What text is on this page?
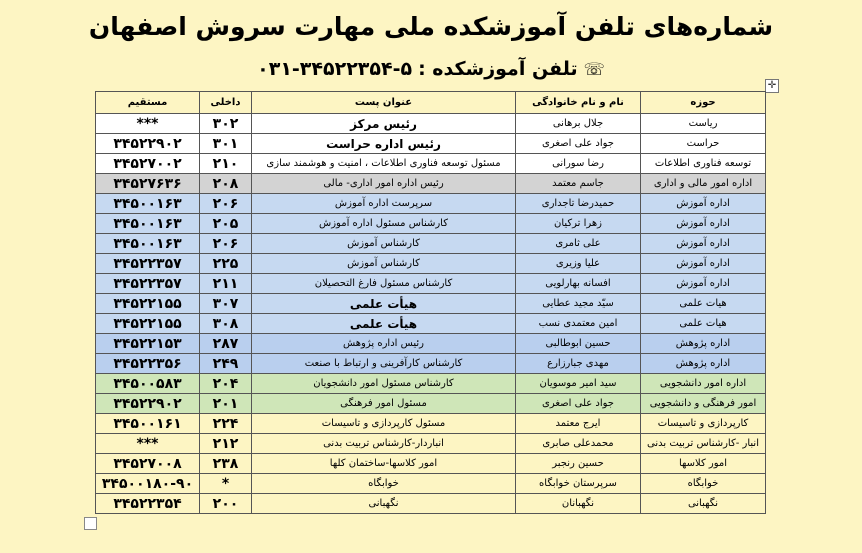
شماره‌های تلفن آموزشکده ملی مهارت سروش اصفهان
☏تلفن آموزشکده :۰۳۱-۳۴۵۲۲۳۵۴-۵
✛
حوزه	نام و نام خانوادگی	عنوان پست	داخلی	مستقیم
ریاست	جلال برهانی	رئیس مرکز	۳۰۲	***
حراست	جواد علی اصغری	رئیس اداره حراست	۳۰۱	۳۴۵۲۲۹۰۲
توسعه فناوری اطلاعات	رضا سورانی	مسئول توسعه فناوری اطلاعات ، امنیت و هوشمند سازی	۲۱۰	۳۴۵۲۷۰۰۲
اداره امور مالی و اداری	جاسم معتمد	رئیس اداره امور اداری- مالی	۲۰۸	۳۴۵۲۷۶۳۶
اداره آموزش	حمیدرضا تاجداری	سرپرست اداره آموزش	۲۰۶	۳۴۵۰۰۱۶۳
اداره آموزش	زهرا ترکیان	کارشناس مسئول اداره آموزش	۲۰۵	۳۴۵۰۰۱۶۳
اداره آموزش	علی ثامری	کارشناس آموزش	۲۰۶	۳۴۵۰۰۱۶۳
اداره آموزش	علیا وزیری	کارشناس آموزش	۲۲۵	۳۴۵۲۲۳۵۷
اداره آموزش	افسانه بهارلویی	کارشناس مسئول فارغ التحصیلان	۲۱۱	۳۴۵۲۲۳۵۷
هیات علمی	سیّد مجید عطایی	هیأت علمی	۳۰۷	۳۴۵۲۲۱۵۵
هیات علمی	امین معتمدی نسب	هیأت علمی	۳۰۸	۳۴۵۲۲۱۵۵
اداره پژوهش	حسین ابوطالبی	رئیس اداره پژوهش	۲۸۷	۳۴۵۲۲۱۵۳
اداره پژوهش	مهدی جبارزارع	کارشناس کارآفرینی و ارتباط با صنعت	۲۴۹	۳۴۵۲۲۳۵۶
اداره امور دانشجویی	سید امیر موسویان	کارشناس مسئول امور دانشجویان	۲۰۴	۳۴۵۰۰۵۸۳
امور فرهنگی و دانشجویی	جواد علی اصغری	مسئول امور فرهنگی	۲۰۱	۳۴۵۲۲۹۰۲
کارپردازی و تاسیسات	ایرج معتمد	مسئول کارپردازی و تاسیسات	۲۲۴	۳۴۵۰۰۱۶۱
انبار -کارشناس تربیت بدنی	محمدعلی صابری	انباردار-کارشناس تربیت بدنی	۲۱۲	***
امور کلاسها	حسین رنجبر	امور کلاسها-ساختمان کلها	۲۳۸	۳۴۵۲۷۰۰۸
خوابگاه	سرپرستان خوابگاه	خوابگاه	*	۳۴۵۰۰۱۸۰-۹۰
نگهبانی	نگهبانان	نگهبانی	۲۰۰	۳۴۵۲۲۳۵۴
